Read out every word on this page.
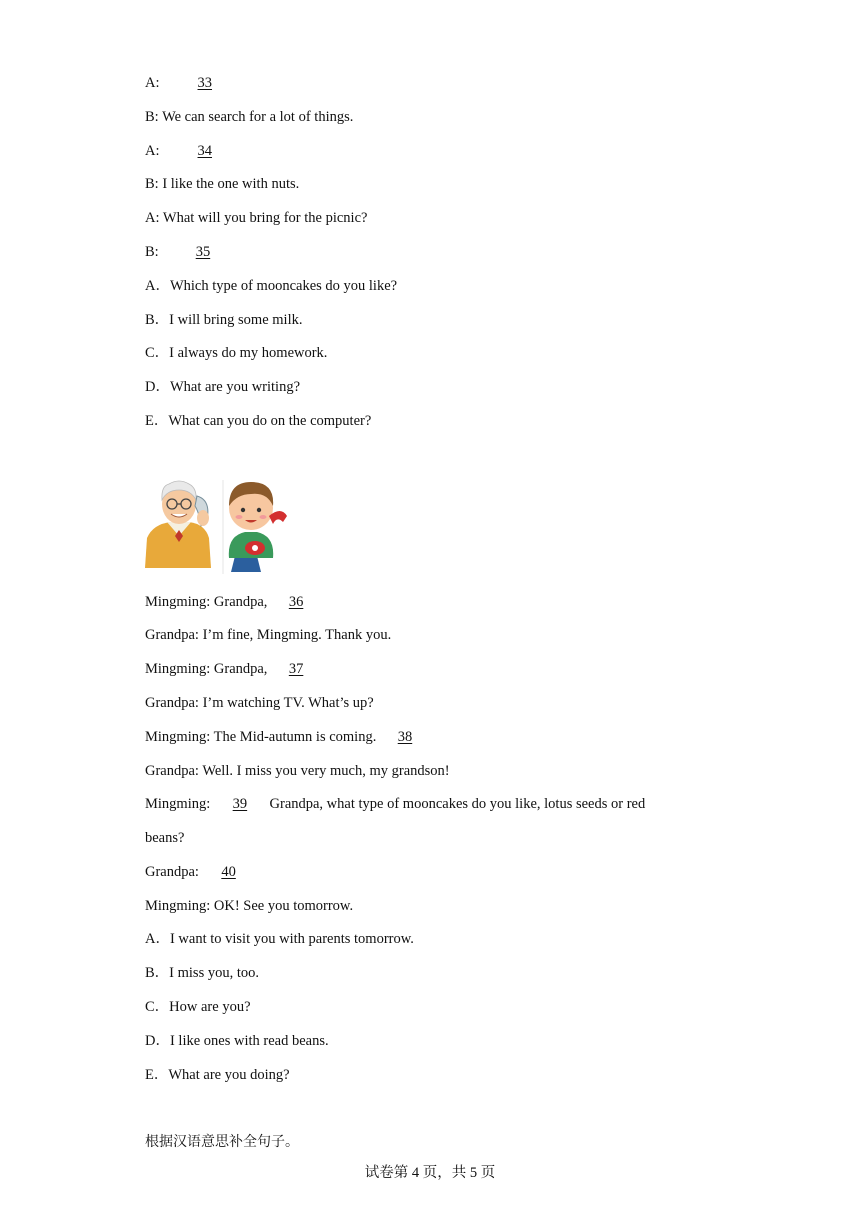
A:  33
B: We can search for a lot of things.
A:  34
B: I like the one with nuts.
A: What will you bring for the picnic?
B:  35
A．Which type of mooncakes do you like?
B．I will bring some milk.
C．I always do my homework.
D．What are you writing?
E．What can you do on the computer?
Mingming: Grandpa, 36
Grandpa: I’m fine, Mingming. Thank you.
Mingming: Grandpa, 37
Grandpa: I’m watching TV. What’s up?
Mingming: The Mid-autumn is coming. 38
Grandpa: Well. I miss you very much, my grandson!
Mingming: 39 Grandpa, what type of mooncakes do you like, lotus seeds or red
beans?
Grandpa: 40
Mingming: OK! See you tomorrow.
A．I want to visit you with parents tomorrow.
B．I miss you, too.
C．How are you?
D．I like ones with read beans.
E．What are you doing?
根据汉语意思补全句子。
试卷第 4 页，共 5 页
